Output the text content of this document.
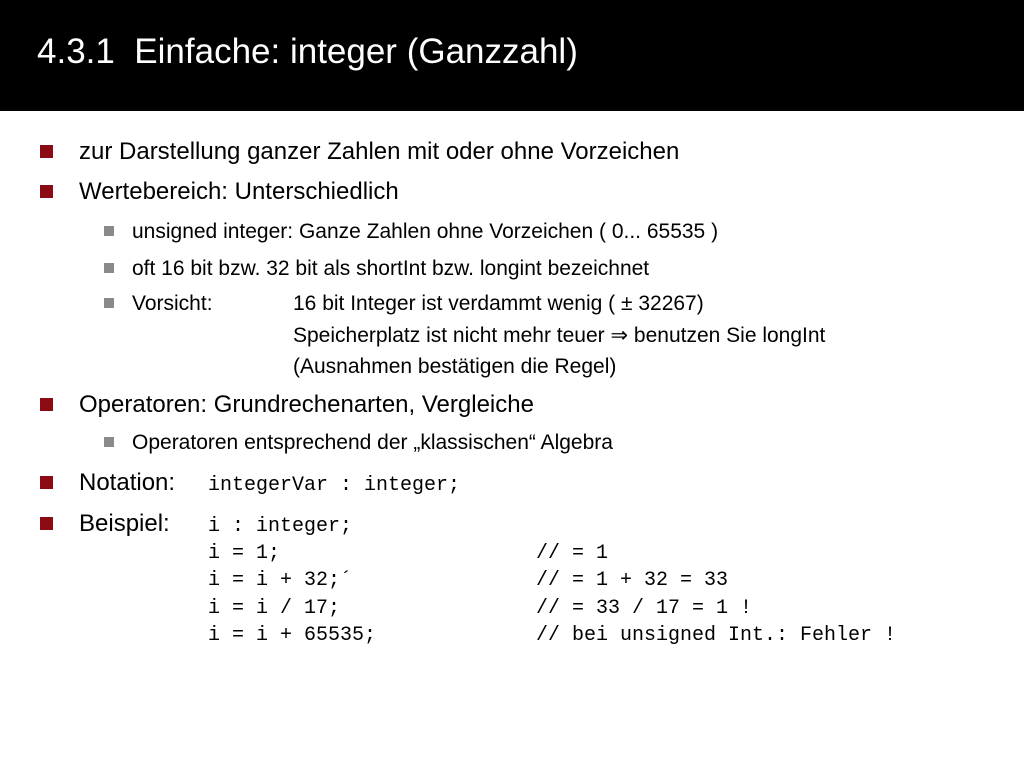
4.3.1  Einfache: integer (Ganzzahl)
zur Darstellung ganzer Zahlen mit oder ohne Vorzeichen
Wertebereich: Unterschiedlich
unsigned integer: Ganze Zahlen ohne Vorzeichen ( 0... 65535 )
oft 16 bit bzw. 32 bit als shortInt bzw. longint bezeichnet
Vorsicht:	16 bit Integer ist verdammt wenig ( ± 32267)
Speicherplatz ist nicht mehr teuer ⇒ benutzen Sie longInt
(Ausnahmen bestätigen die Regel)
Operatoren: Grundrechenarten, Vergleiche
Operatoren entsprechend der „klassischen“ Algebra
Notation: integerVar : integer;
Beispiel: i : integer;
i = 1;	// = 1
i = i + 32;´	// = 1 + 32 = 33
i = i / 17;	// = 33 / 17 = 1 !
i = i + 65535;	// bei unsigned Int.: Fehler !
